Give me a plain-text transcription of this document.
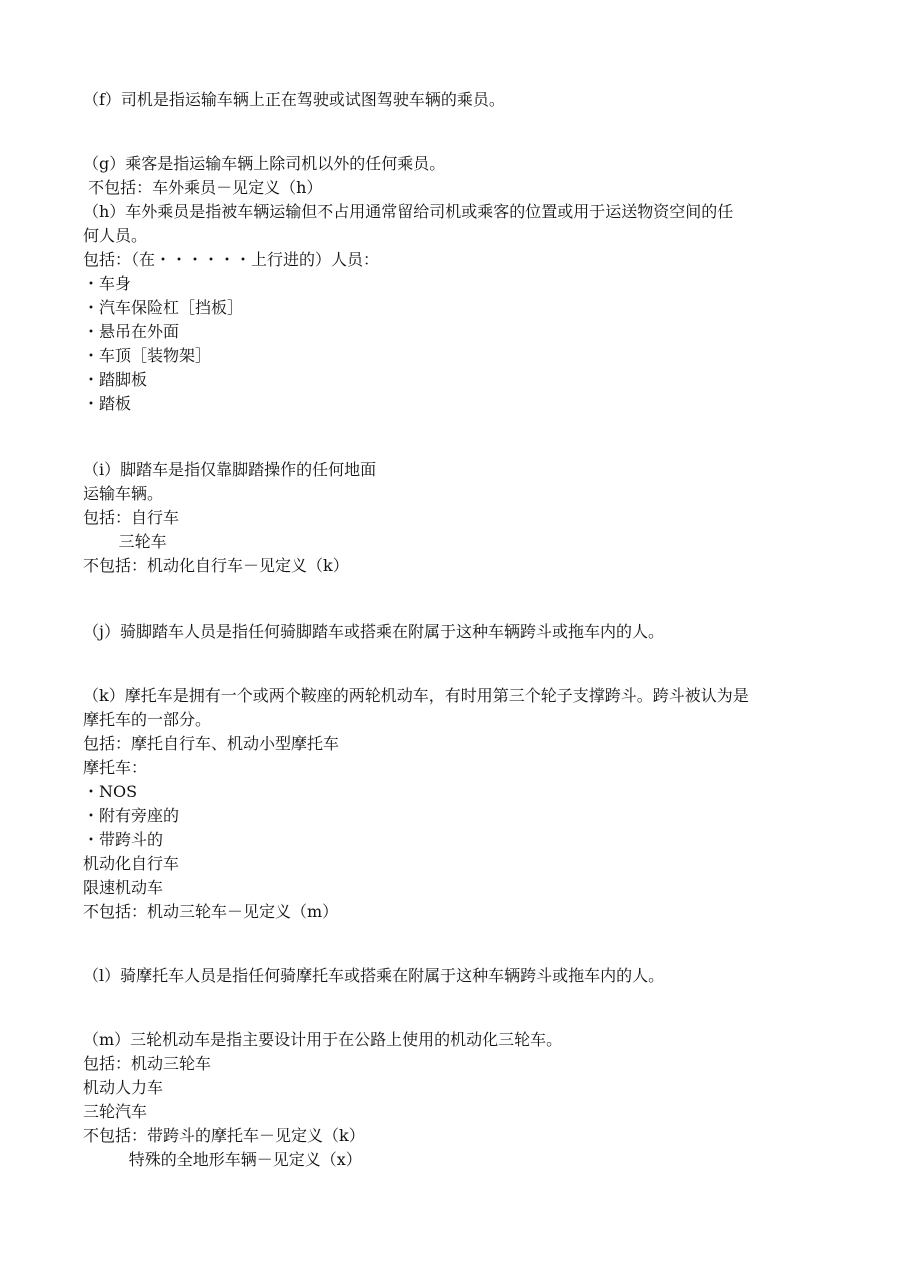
（f）司机是指运输车辆上正在驾驶或试图驾驶车辆的乘员。
（g）乘客是指运输车辆上除司机以外的任何乘员。
不包括：车外乘员－见定义（h）
（h）车外乘员是指被车辆运输但不占用通常留给司机或乘客的位置或用于运送物资空间的任
何人员。
包括：（在・・・・・・上行进的）人员：
・车身
・汽车保险杠［挡板］
・悬吊在外面
・车顶［装物架］
・踏脚板
・踏板
（i）脚踏车是指仅靠脚踏操作的任何地面
运输车辆。
包括：自行车
三轮车
不包括：机动化自行车－见定义（k）
（j）骑脚踏车人员是指任何骑脚踏车或搭乘在附属于这种车辆跨斗或拖车内的人。
（k）摩托车是拥有一个或两个鞍座的两轮机动车，有时用第三个轮子支撑跨斗。跨斗被认为是
摩托车的一部分。
包括：摩托自行车、机动小型摩托车
摩托车：
・NOS
・附有旁座的
・带跨斗的
机动化自行车
限速机动车
不包括：机动三轮车－见定义（m）
（l）骑摩托车人员是指任何骑摩托车或搭乘在附属于这种车辆跨斗或拖车内的人。
（m）三轮机动车是指主要设计用于在公路上使用的机动化三轮车。
包括：机动三轮车
机动人力车
三轮汽车
不包括：带跨斗的摩托车－见定义（k）
特殊的全地形车辆－见定义（x）
